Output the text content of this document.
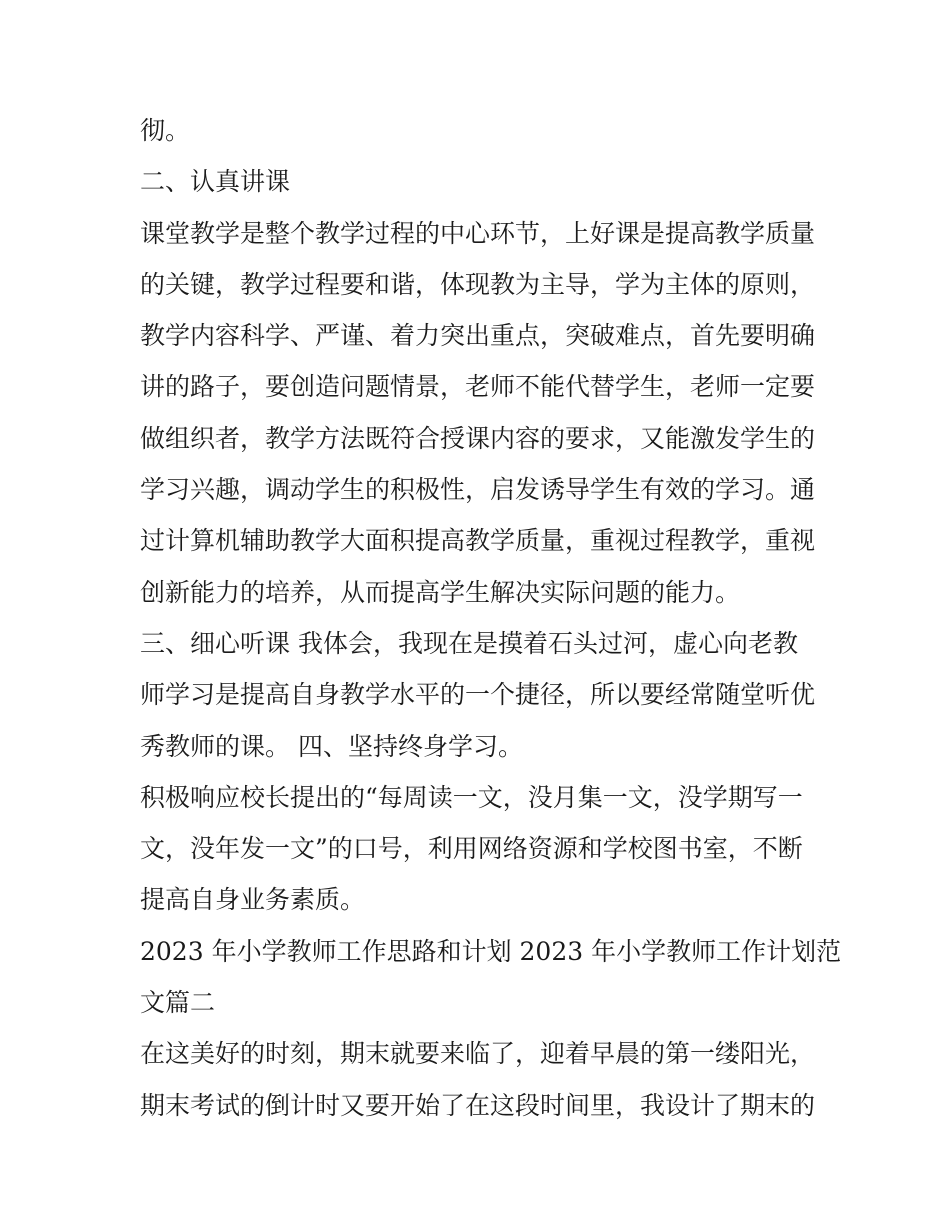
彻。
二、认真讲课
课堂教学是整个教学过程的中心环节，上好课是提高教学质量
的关键，教学过程要和谐，体现教为主导，学为主体的原则，
教学内容科学、严谨、着力突出重点，突破难点，首先要明确
讲的路子，要创造问题情景，老师不能代替学生，老师一定要
做组织者，教学方法既符合授课内容的要求，又能激发学生的
学习兴趣，调动学生的积极性，启发诱导学生有效的学习。通
过计算机辅助教学大面积提高教学质量，重视过程教学，重视
创新能力的培养，从而提高学生解决实际问题的能力。
三、细心听课 我体会，我现在是摸着石头过河，虚心向老教
师学习是提高自身教学水平的一个捷径，所以要经常随堂听优
秀教师的课。 四、坚持终身学习。
积极响应校长提出的“每周读一文，没月集一文，没学期写一
文，没年发一文”的口号，利用网络资源和学校图书室，不断
提高自身业务素质。
2023 年小学教师工作思路和计划 2023 年小学教师工作计划范
文篇二
在这美好的时刻，期末就要来临了，迎着早晨的第一缕阳光，
期末考试的倒计时又要开始了在这段时间里，我设计了期末的
